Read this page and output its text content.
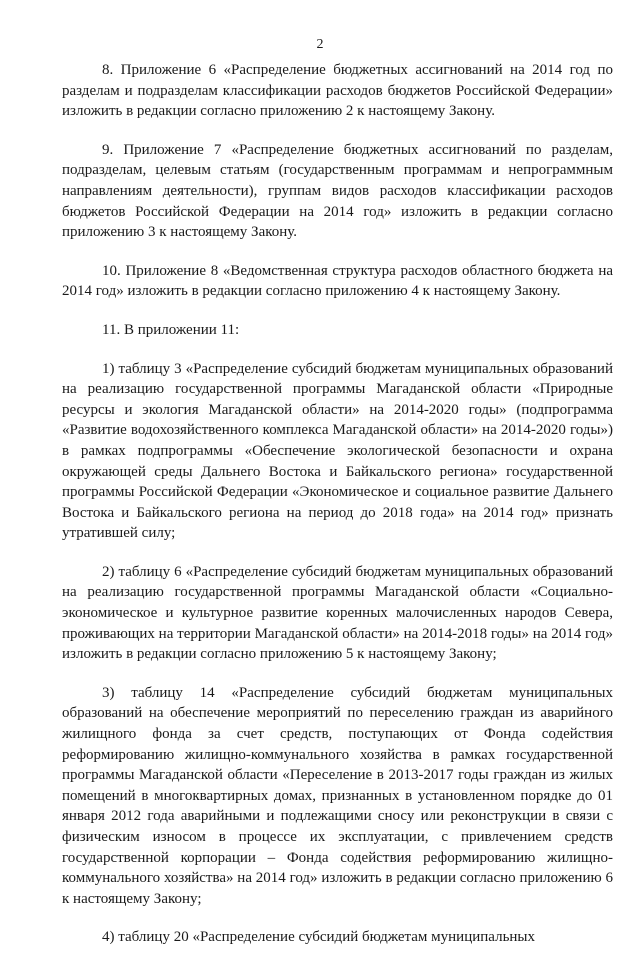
2

8. Приложение 6 «Распределение бюджетных ассигнований на 2014 год по разделам и подразделам классификации расходов бюджетов Российской Федерации» изложить в редакции согласно приложению 2 к настоящему Закону.

9. Приложение 7 «Распределение бюджетных ассигнований по разделам, подразделам, целевым статьям (государственным программам и непрограммным направлениям деятельности), группам видов расходов классификации расходов бюджетов Российской Федерации на 2014 год» изложить в редакции согласно приложению 3 к настоящему Закону.

10. Приложение 8 «Ведомственная структура расходов областного бюджета на 2014 год» изложить в редакции согласно приложению 4 к настоящему Закону.

11. В приложении 11:

1) таблицу 3 «Распределение субсидий бюджетам муниципальных образований на реализацию государственной программы Магаданской области «Природные ресурсы и экология Магаданской области» на 2014-2020 годы» (подпрограмма «Развитие водохозяйственного комплекса Магаданской области» на 2014-2020 годы») в рамках подпрограммы «Обеспечение экологической безопасности и охрана окружающей среды Дальнего Востока и Байкальского региона» государственной программы Российской Федерации «Экономическое и социальное развитие Дальнего Востока и Байкальского региона на период до 2018 года» на 2014 год» признать утратившей силу;

2) таблицу 6 «Распределение субсидий бюджетам муниципальных образований на реализацию государственной программы Магаданской области «Социально-экономическое и культурное развитие коренных малочисленных народов Севера, проживающих на территории Магаданской области» на 2014-2018 годы» на 2014 год» изложить в редакции согласно приложению 5 к настоящему Закону;

3) таблицу 14 «Распределение субсидий бюджетам муниципальных образований на обеспечение мероприятий по переселению граждан из аварийного жилищного фонда за счет средств, поступающих от Фонда содействия реформированию жилищно-коммунального хозяйства в рамках государственной программы Магаданской области «Переселение в 2013-2017 годы граждан из жилых помещений в многоквартирных домах, признанных в установленном порядке до 01 января 2012 года аварийными и подлежащими сносу или реконструкции в связи с физическим износом в процессе их эксплуатации, с привлечением средств государственной корпорации – Фонда содействия реформированию жилищно-коммунального хозяйства» на 2014 год» изложить в редакции согласно приложению 6 к настоящему Закону;

4) таблицу 20 «Распределение субсидий бюджетам муниципальных
